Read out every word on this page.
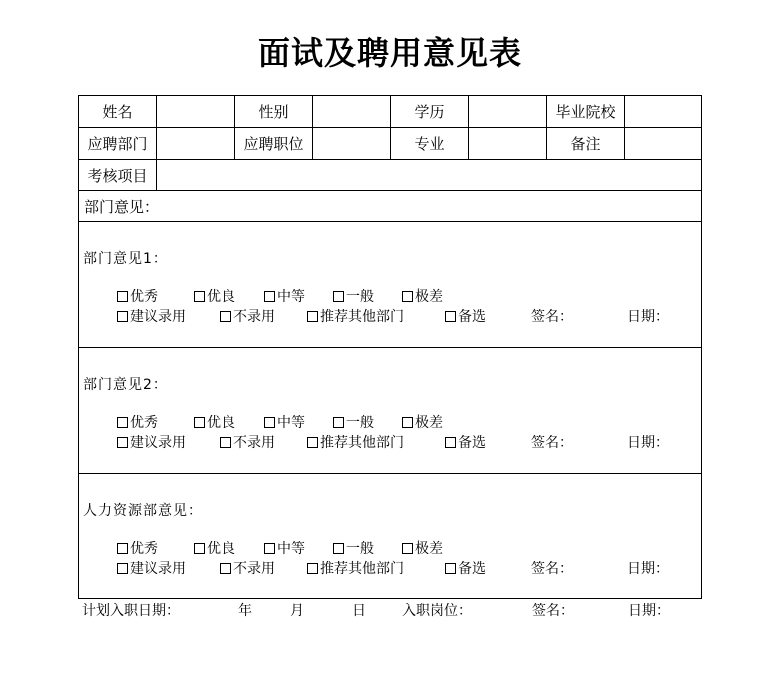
面试及聘用意见表
姓名	性别	学历	毕业院校
应聘部门	应聘职位	专业	备注
考核项目
部门意见：
部门意见1：
优秀	优良	中等	一般	极差
建议录用	不录用	推荐其他部门	备选	签名：	日期：
部门意见2：
优秀	优良	中等	一般	极差
建议录用	不录用	推荐其他部门	备选	签名：	日期：
人力资源部意见：
优秀	优良	中等	一般	极差
建议录用	不录用	推荐其他部门	备选	签名：	日期：
计划入职日期：	年	月	日	入职岗位：	签名：	日期：
